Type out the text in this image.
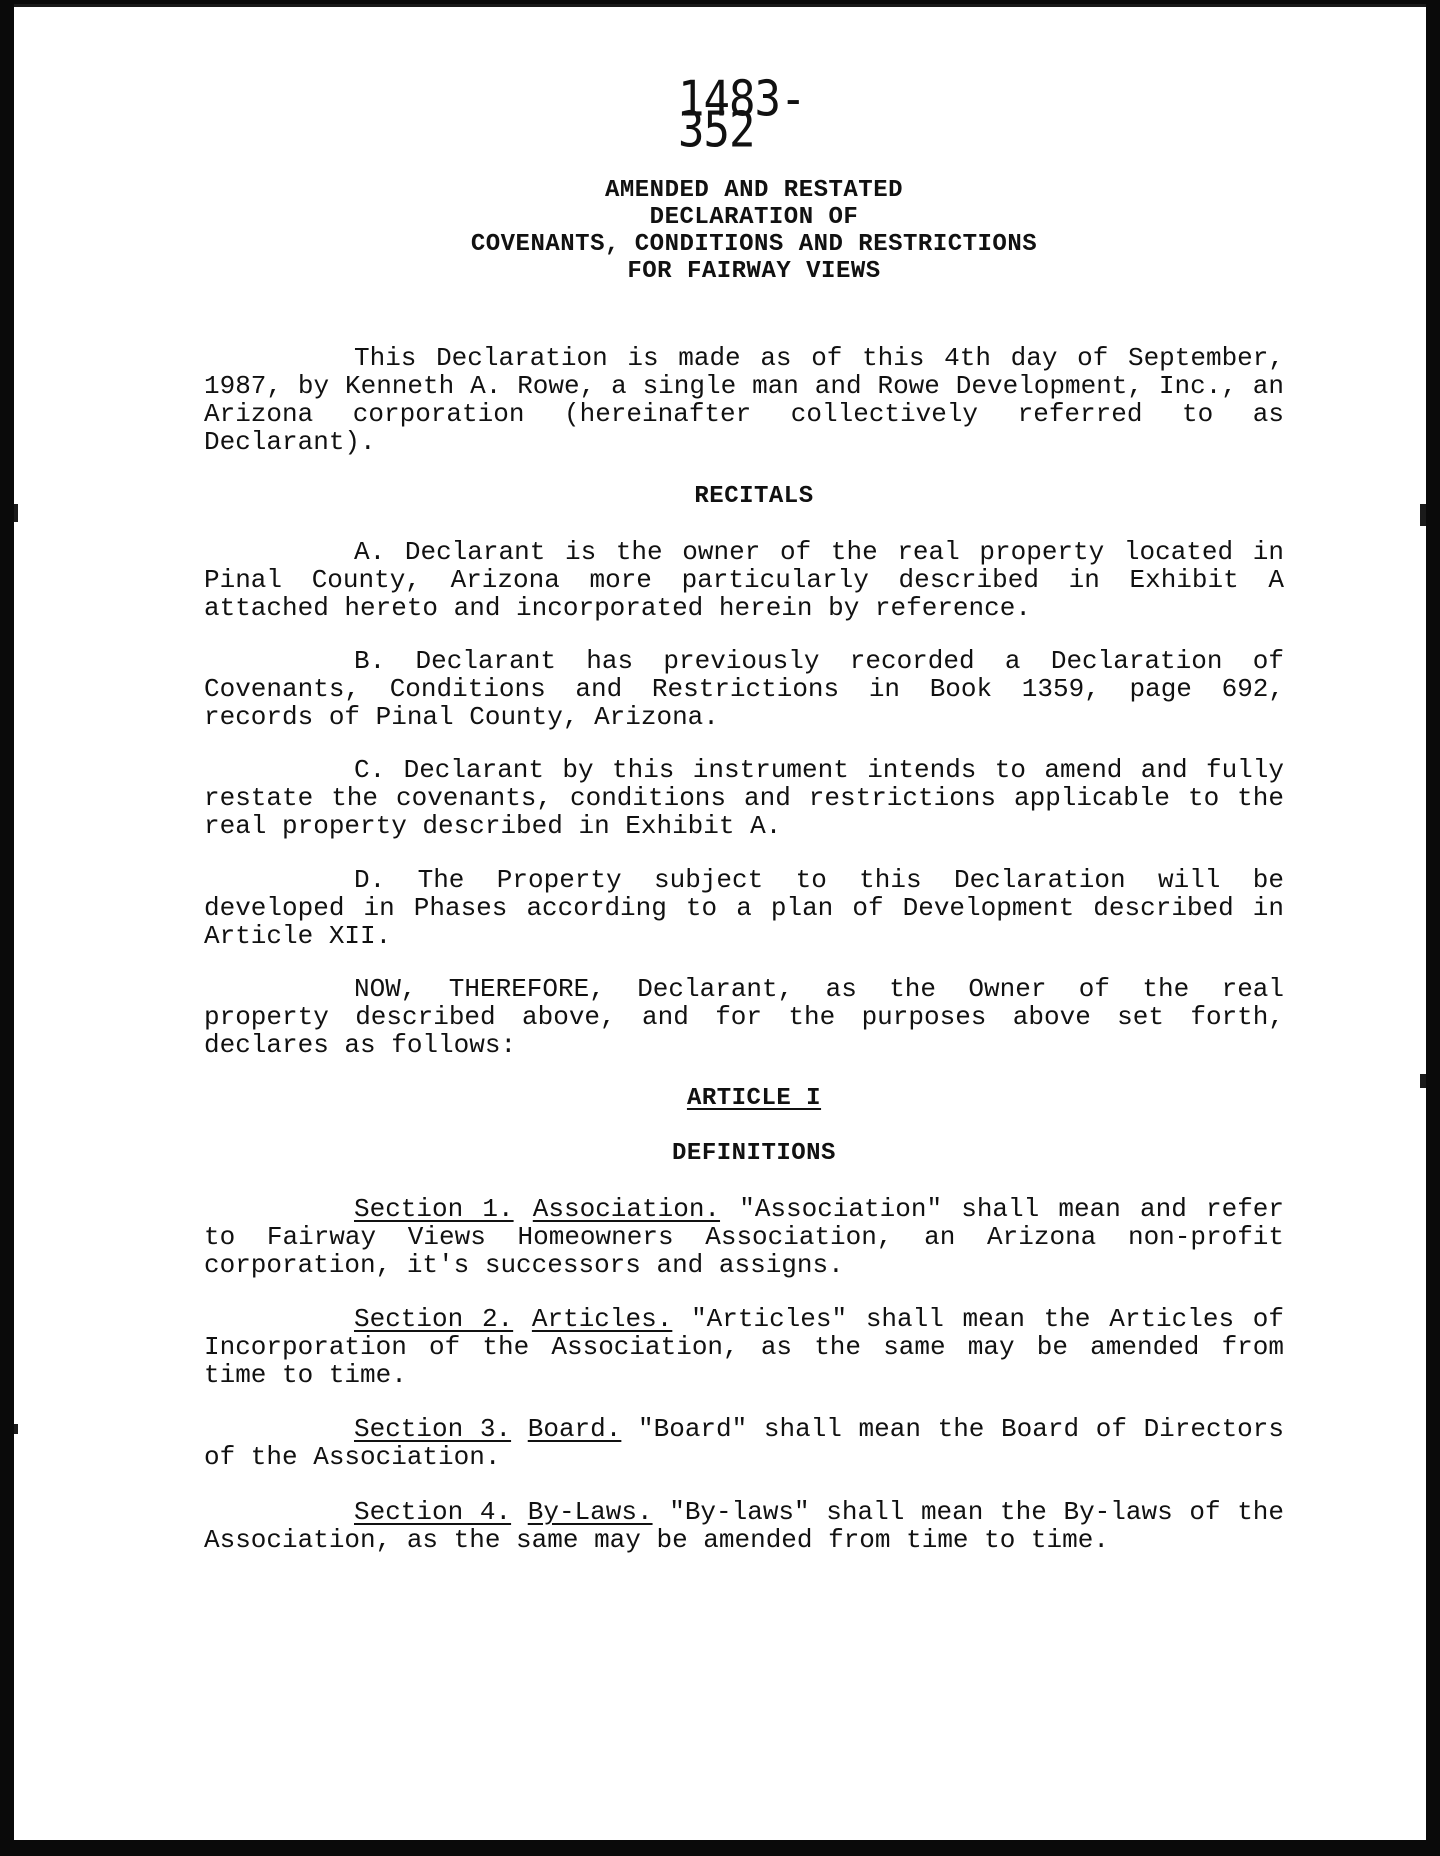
1483-352
AMENDED AND RESTATED
DECLARATION OF
COVENANTS, CONDITIONS AND RESTRICTIONS
FOR FAIRWAY VIEWS

This Declaration is made as of this 4th day of September, 1987, by Kenneth A. Rowe, a single man and Rowe Development, Inc., an Arizona corporation (hereinafter collectively referred to as Declarant).

RECITALS

A. Declarant is the owner of the real property located in Pinal County, Arizona more particularly described in Exhibit A attached hereto and incorporated herein by reference.

B. Declarant has previously recorded a Declaration of Covenants, Conditions and Restrictions in Book 1359, page 692, records of Pinal County, Arizona.

C. Declarant by this instrument intends to amend and fully restate the covenants, conditions and restrictions applicable to the real property described in Exhibit A.

D. The Property subject to this Declaration will be developed in Phases according to a plan of Development described in Article XII.

NOW, THEREFORE, Declarant, as the Owner of the real property described above, and for the purposes above set forth, declares as follows:

ARTICLE I
DEFINITIONS

Section 1. Association. "Association" shall mean and refer to Fairway Views Homeowners Association, an Arizona non-profit corporation, it's successors and assigns.

Section 2. Articles. "Articles" shall mean the Articles of Incorporation of the Association, as the same may be amended from time to time.

Section 3. Board. "Board" shall mean the Board of Directors of the Association.

Section 4. By-Laws. "By-laws" shall mean the By-laws of the Association, as the same may be amended from time to time.
